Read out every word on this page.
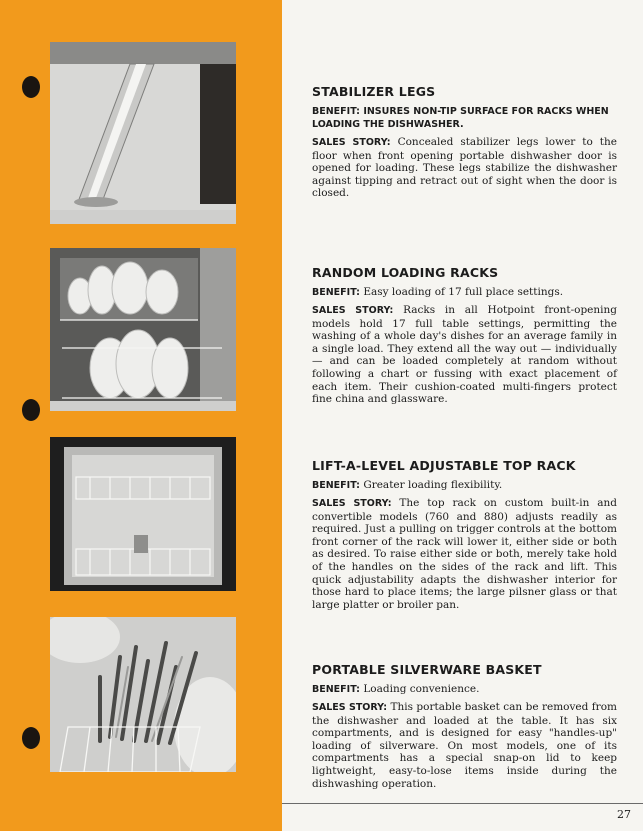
STABILIZER LEGS

BENEFIT: INSURES NON-TIP SURFACE FOR RACKS WHEN LOADING THE DISHWASHER.

SALES STORY: Concealed stabilizer legs lower to the floor when front opening portable dishwasher door is opened for loading. These legs stabilize the dishwasher against tipping and retract out of sight when the door is closed.

RANDOM LOADING RACKS

BENEFIT: Easy loading of 17 full place settings.

SALES STORY: Racks in all Hotpoint front-opening models hold 17 full table settings, permitting the washing of a whole day's dishes for an average family in a single load. They extend all the way out — individually — and can be loaded completely at random without following a chart or fussing with exact placement of each item. Their cushion-coated multi-fingers protect fine china and glassware.

LIFT-A-LEVEL ADJUSTABLE TOP RACK

BENEFIT: Greater loading flexibility.

SALES STORY: The top rack on custom built-in and convertible models (760 and 880) adjusts readily as required. Just a pulling on trigger controls at the bottom front corner of the rack will lower it, either side or both as desired. To raise either side or both, merely take hold of the handles on the sides of the rack and lift. This quick adjustability adapts the dishwasher interior for those hard to place items; the large pilsner glass or that large platter or broiler pan.

PORTABLE SILVERWARE BASKET

BENEFIT: Loading convenience.

SALES STORY: This portable basket can be removed from the dishwasher and loaded at the table. It has six compartments, and is designed for easy "handles-up" loading of silverware. On most models, one of its compartments has a special snap-on lid to keep lightweight, easy-to-lose items inside during the dishwashing operation.

27
